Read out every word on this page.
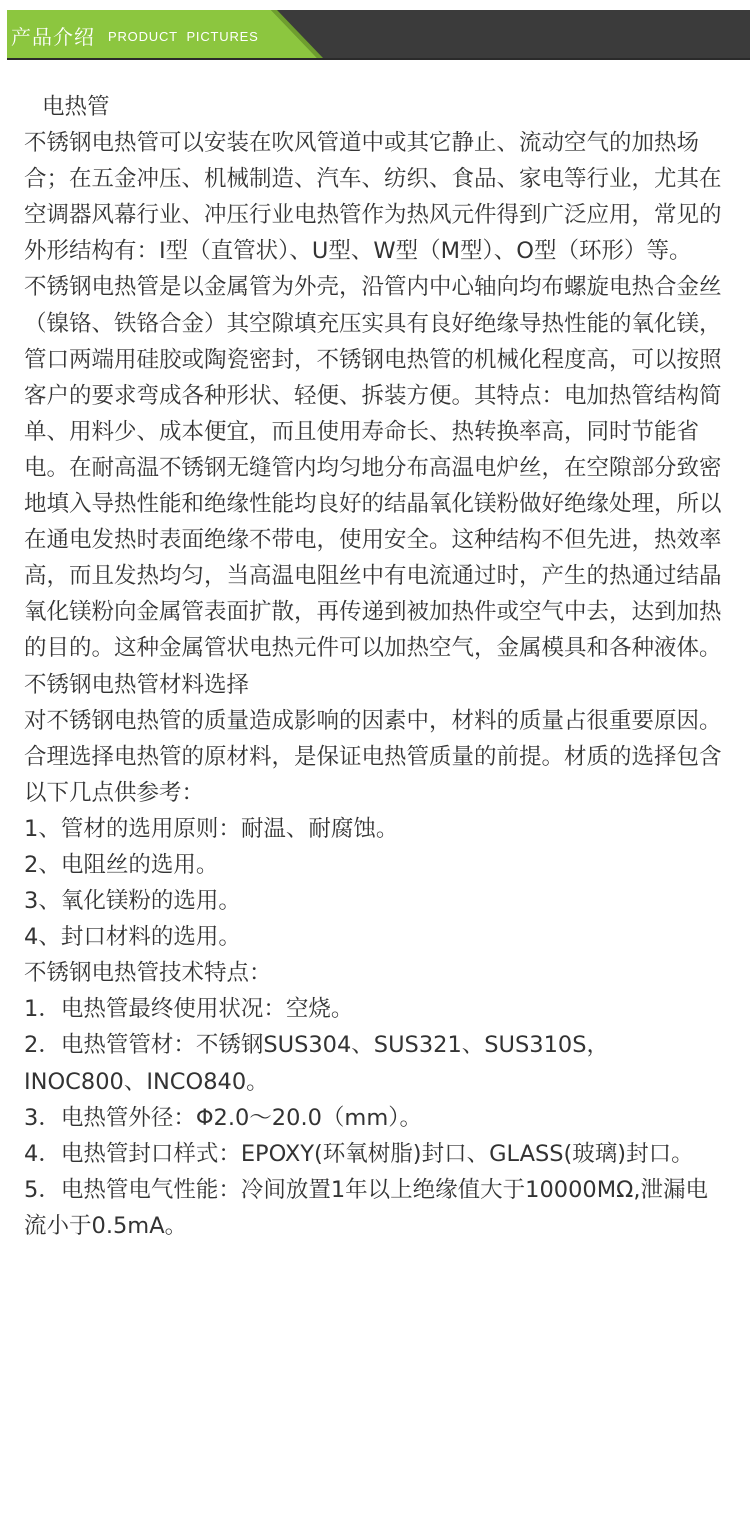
产品介绍 PRODUCT  PICTURES

电热管

不锈钢电热管可以安装在吹风管道中或其它静止、流动空气的加热场合；在五金冲压、机械制造、汽车、纺织、食品、家电等行业，尤其在空调器风幕行业、冲压行业电热管作为热风元件得到广泛应用，常见的外形结构有：I型（直管状）、U型、W型（M型）、O型（环形）等。

不锈钢电热管是以金属管为外壳，沿管内中心轴向均布螺旋电热合金丝（镍铬、铁铬合金）其空隙填充压实具有良好绝缘导热性能的氧化镁，管口两端用硅胶或陶瓷密封，不锈钢电热管的机械化程度高，可以按照客户的要求弯成各种形状、轻便、拆装方便。其特点：电加热管结构简单、用料少、成本便宜，而且使用寿命长、热转换率高，同时节能省电。在耐高温不锈钢无缝管内均匀地分布高温电炉丝，在空隙部分致密地填入导热性能和绝缘性能均良好的结晶氧化镁粉做好绝缘处理，所以在通电发热时表面绝缘不带电，使用安全。这种结构不但先进，热效率高，而且发热均匀，当高温电阻丝中有电流通过时，产生的热通过结晶氧化镁粉向金属管表面扩散，再传递到被加热件或空气中去，达到加热的目的。这种金属管状电热元件可以加热空气，金属模具和各种液体。

不锈钢电热管材料选择

对不锈钢电热管的质量造成影响的因素中，材料的质量占很重要原因。合理选择电热管的原材料，是保证电热管质量的前提。材质的选择包含以下几点供参考：

1、管材的选用原则：耐温、耐腐蚀。

2、电阻丝的选用。

3、氧化镁粉的选用。

4、封口材料的选用。

不锈钢电热管技术特点：

1．电热管最终使用状况：空烧。

2．电热管管材：不锈钢SUS304、SUS321、SUS310S，INOC800、INCO840。

3．电热管外径：Φ2.0～20.0（mm）。

4．电热管封口样式：EPOXY(环氧树脂)封口、GLASS(玻璃)封口。

5．电热管电气性能：冷间放置1年以上绝缘值大于10000MΩ,泄漏电流小于0.5mA。
